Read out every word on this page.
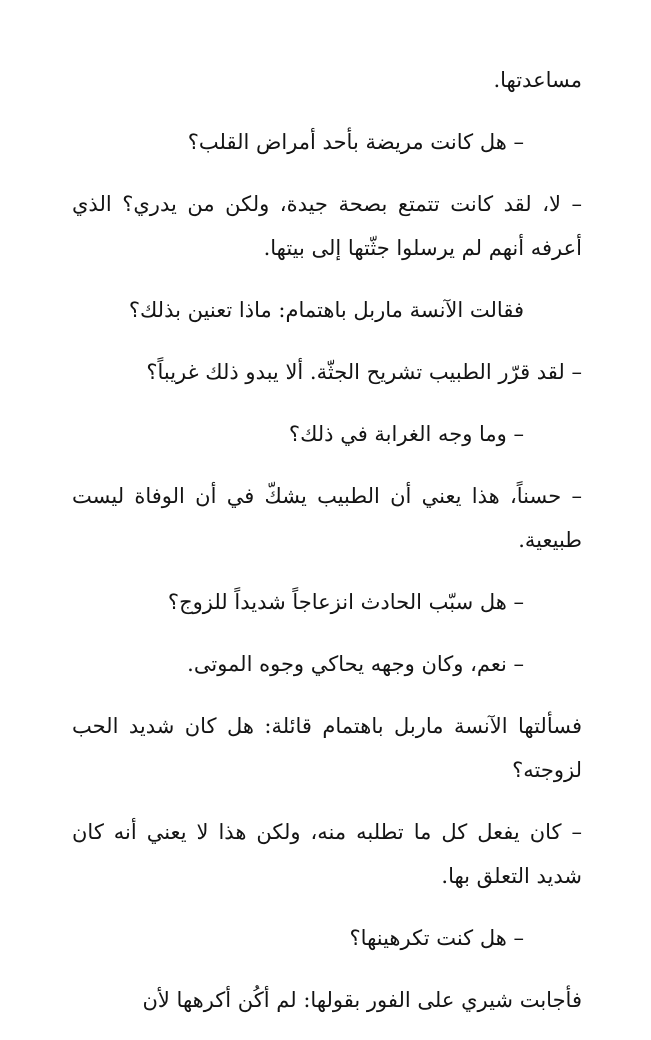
مساعدتها.

– هل كانت مريضة بأحد أمراض القلب؟

– لا، لقد كانت تتمتع بصحة جيدة، ولكن من يدري؟ الذي أعرفه أنهم لم يرسلوا جثّتها إلى بيتها.

فقالت الآنسة ماربل باهتمام: ماذا تعنين بذلك؟

– لقد قرّر الطبيب تشريح الجثّة. ألا يبدو ذلك غريباً؟

– وما وجه الغرابة في ذلك؟

– حسناً، هذا يعني أن الطبيب يشكّ في أن الوفاة ليست طبيعية.

– هل سبّب الحادث انزعاجاً شديداً للزوج؟

– نعم، وكان وجهه يحاكي وجوه الموتى.

فسألتها الآنسة ماربل باهتمام قائلة: هل كان شديد الحب لزوجته؟

– كان يفعل كل ما تطلبه منه، ولكن هذا لا يعني أنه كان شديد التعلق بها.

– هل كنت تكرهينها؟

فأجابت شيري على الفور بقولها: لم أكُن أكرهها لأن
